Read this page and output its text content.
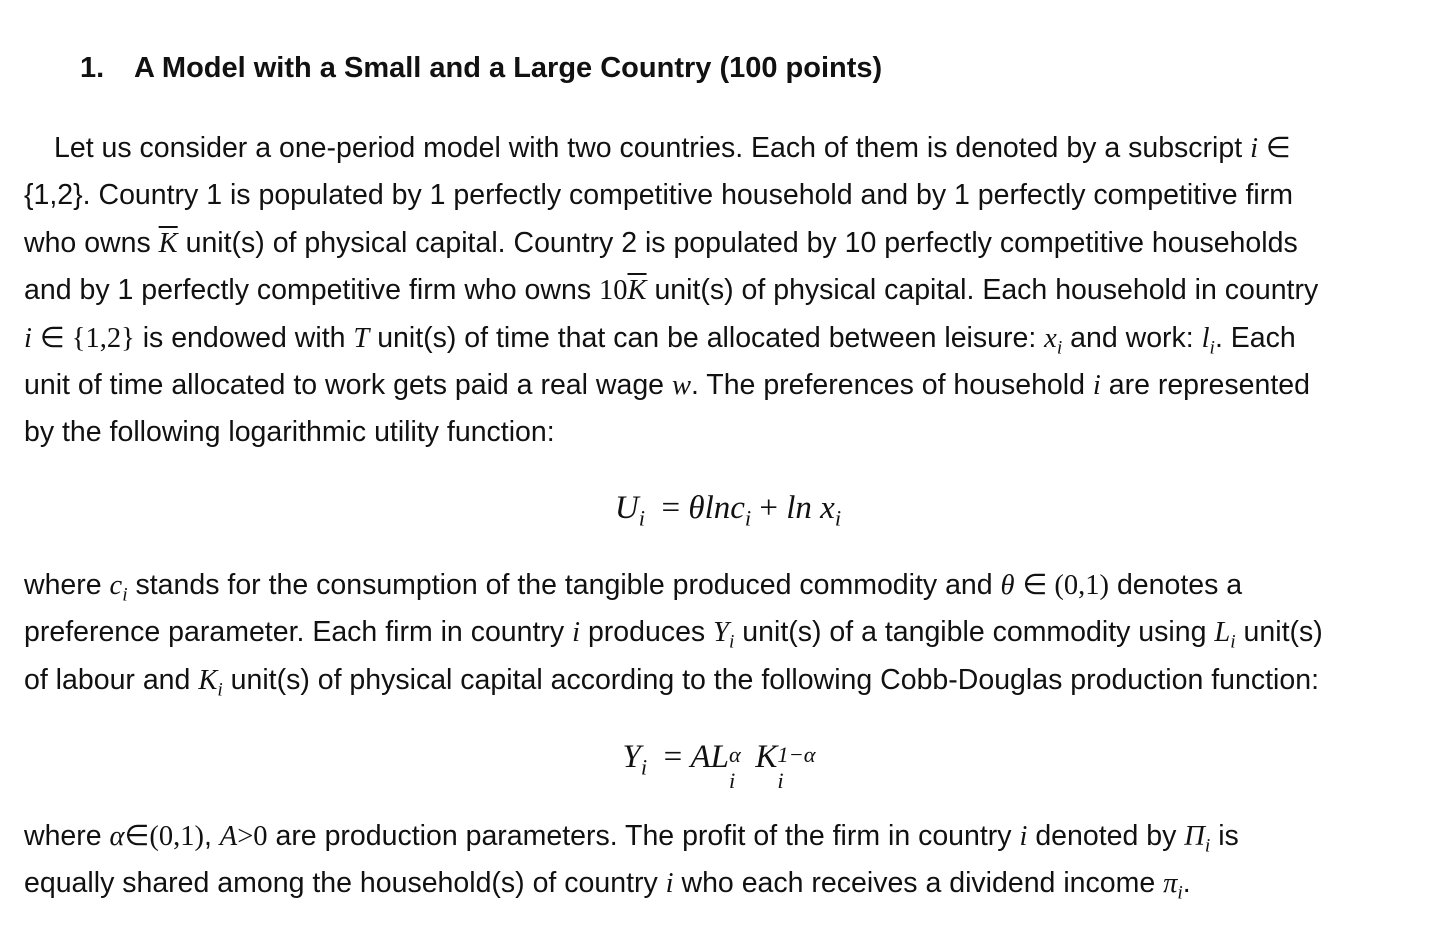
1. A Model with a Small and a Large Country (100 points)
Let us consider a one-period model with two countries. Each of them is denoted by a subscript i ∈
{1,2}. Country 1 is populated by 1 perfectly competitive household and by 1 perfectly competitive firm
who owns $\overline{K}$ unit(s) of physical capital. Country 2 is populated by 10 perfectly competitive households
and by 1 perfectly competitive firm who owns $10\overline{K}$ unit(s) of physical capital. Each household in country
i ∈ {1,2} is endowed with T unit(s) of time that can be allocated between leisure: $x_i$ and work: $l_i$. Each
unit of time allocated to work gets paid a real wage w. The preferences of household i are represented
by the following logarithmic utility function:
$U_i = \theta\ln c_i + \ln x_i$
where $c_i$ stands for the consumption of the tangible produced commodity and θ ∈ (0,1) denotes a
preference parameter. Each firm in country i produces $Y_i$ unit(s) of a tangible commodity using $L_i$ unit(s)
of labour and $K_i$ unit(s) of physical capital according to the following Cobb-Douglas production function:
$Y_i$  = AL α
i
K 1−α
i
where α∈(0,1), A>0 are production parameters. The profit of the firm in country i denoted by $\Pi_i$ is
equally shared among the household(s) of country i who each receives a dividend income $\pi_i$.
